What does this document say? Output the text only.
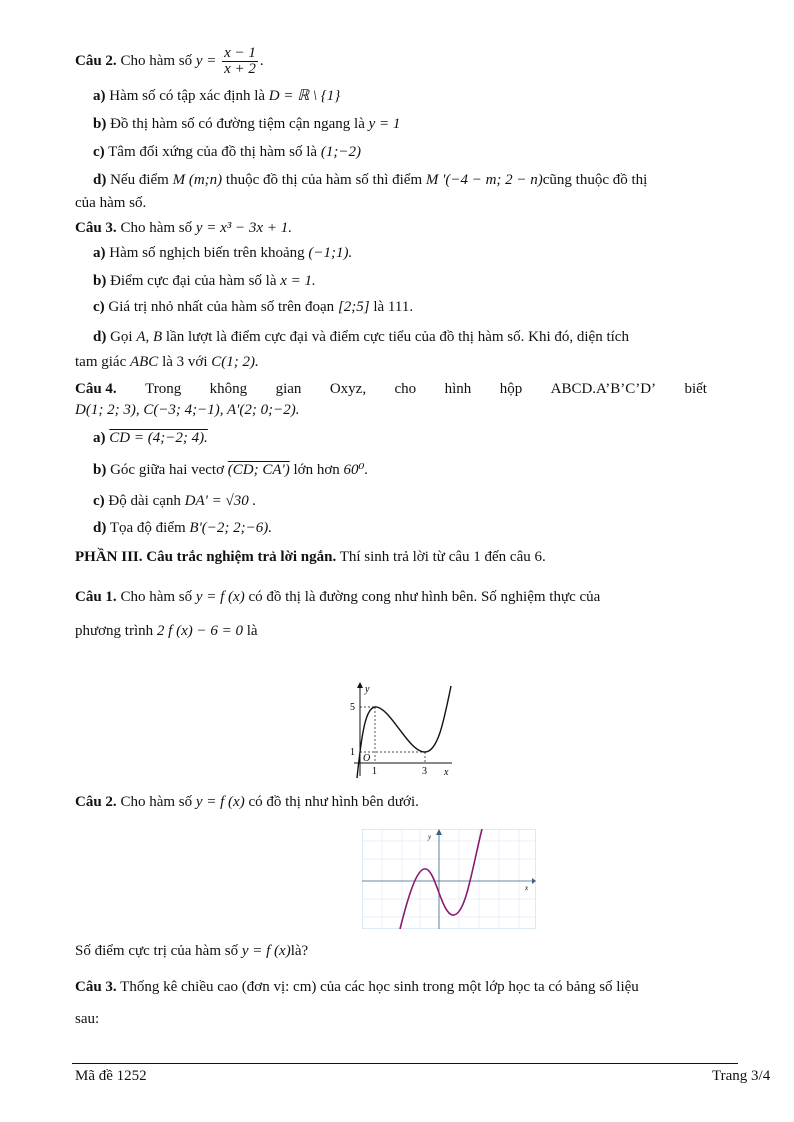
Câu 2. Cho hàm số $y = \frac{x - 1}{x + 2}$ .
a) Hàm số có tập xác định là D = ℝ \ {1}
b) Đồ thị hàm số có đường tiệm cận ngang là y = 1
c) Tâm đối xứng của đồ thị hàm số là (1;−2)
d) Nếu điểm M (m;n) thuộc đồ thị của hàm số thì điểm M '(−4 − m; 2 − n)cũng thuộc đồ thị
của hàm số.
Câu 3. Cho hàm số y = x³ − 3x + 1.
a) Hàm số nghịch biến trên khoảng (−1;1).
b) Điểm cực đại của hàm số là x = 1.
c) Giá trị nhỏ nhất của hàm số trên đoạn [2;5] là 111.
d) Gọi A, B lần lượt là điểm cực đại và điểm cực tiểu của đồ thị hàm số. Khi đó, diện tích
tam giác ABC là 3 với C(1; 2).
Câu 4. Trong không gian Oxyz, cho hình hộp ABCD.A’B’C’D’ biết
D(1; 2; 3), C(−3; 4;−1), A'(2; 0;−2).
a) CD = (4;−2; 4).
b) Góc giữa hai vectơ (CD; CA') lớn hơn 60⁰.
c) Độ dài cạnh DA' = √30 .
d) Tọa độ điểm B'(−2; 2;−6).
PHẦN III. Câu trắc nghiệm trả lời ngắn. Thí sinh trả lời từ câu 1 đến câu 6.
Câu 1. Cho hàm số y = f (x) có đồ thị là đường cong như hình bên. Số nghiệm thực của
phương trình 2 f (x) − 6 = 0 là
y
5
1
O
1	3 x
Câu 2. Cho hàm số y = f (x) có đồ thị như hình bên dưới.
y
x
Số điểm cực trị của hàm số y = f (x)là?
Câu 3. Thống kê chiều cao (đơn vị: cm) của các học sinh trong một lớp học ta có bảng số liệu
sau:
Mã đề 1252	Trang 3/4
